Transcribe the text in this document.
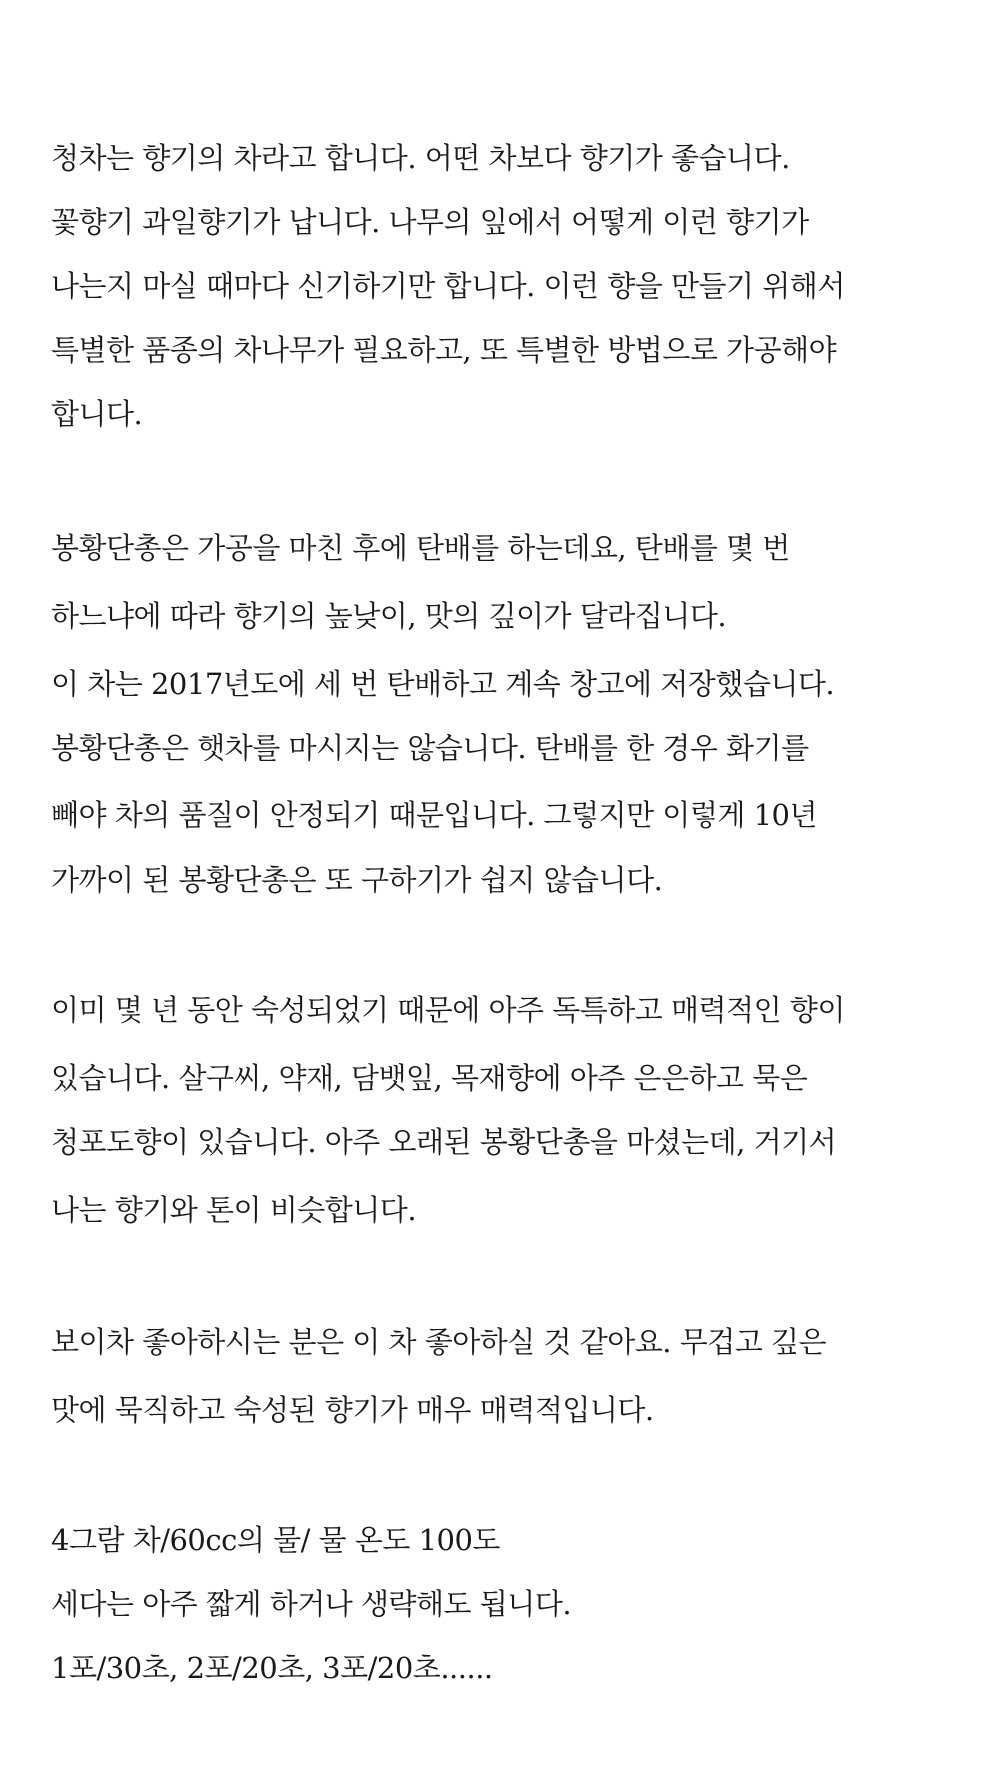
청차는 향기의 차라고 합니다. 어떤 차보다 향기가 좋습니다.
꽃향기 과일향기가 납니다. 나무의 잎에서 어떻게 이런 향기가
나는지 마실 때마다 신기하기만 합니다. 이런 향을 만들기 위해서
특별한 품종의 차나무가 필요하고, 또 특별한 방법으로 가공해야
합니다.
봉황단총은 가공을 마친 후에 탄배를 하는데요, 탄배를 몇 번
하느냐에 따라 향기의 높낮이, 맛의 깊이가 달라집니다.
이 차는 2017년도에 세 번 탄배하고 계속 창고에 저장했습니다.
봉황단총은 햇차를 마시지는 않습니다. 탄배를 한 경우 화기를
빼야 차의 품질이 안정되기 때문입니다. 그렇지만 이렇게 10년
가까이 된 봉황단총은 또 구하기가 쉽지 않습니다.
이미 몇 년 동안 숙성되었기 때문에 아주 독특하고 매력적인 향이
있습니다. 살구씨, 약재, 담뱃잎, 목재향에 아주 은은하고 묵은
청포도향이 있습니다. 아주 오래된 봉황단총을 마셨는데, 거기서
나는 향기와 톤이 비슷합니다.
보이차 좋아하시는 분은 이 차 좋아하실 것 같아요. 무겁고 깊은
맛에 묵직하고 숙성된 향기가 매우 매력적입니다.
4그람 차/60cc의 물/ 물 온도 100도
세다는 아주 짧게 하거나 생략해도 됩니다.
1포/30초, 2포/20초, 3포/20초......
